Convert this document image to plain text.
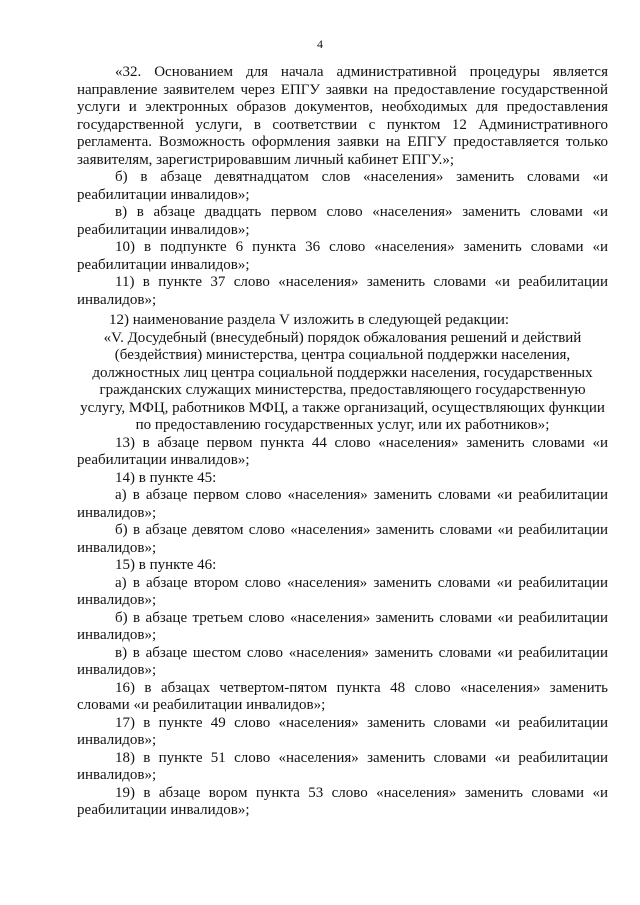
4

«32. Основанием для начала административной процедуры является направление заявителем через ЕПГУ заявки на предоставление государственной услуги и электронных образов документов, необходимых для предоставления государственной услуги, в соответствии с пунктом 12 Административного регламента. Возможность оформления заявки на ЕПГУ предоставляется только заявителям, зарегистрировавшим личный кабинет ЕПГУ.»;

б) в абзаце девятнадцатом слов «населения» заменить словами «и реабилитации инвалидов»;

в) в абзаце двадцать первом слово «населения» заменить словами «и реабилитации инвалидов»;

10) в подпункте 6 пункта 36 слово «населения» заменить словами «и реабилитации инвалидов»;

11) в пункте 37 слово «населения» заменить словами «и реабилитации инвалидов»;

12) наименование раздела V изложить в следующей редакции:

«V. Досудебный (внесудебный) порядок обжалования решений и действий (бездействия) министерства, центра социальной поддержки населения, должностных лиц центра социальной поддержки населения, государственных гражданских служащих министерства, предоставляющего государственную услугу, МФЦ, работников МФЦ, а также организаций, осуществляющих функции по предоставлению государственных услуг, или их работников»;

13) в абзаце первом пункта 44 слово «населения» заменить словами «и реабилитации инвалидов»;

14) в пункте 45:

а) в абзаце первом слово «населения» заменить словами «и реабилитации инвалидов»;

б) в абзаце девятом слово «населения» заменить словами «и реабилитации инвалидов»;

15) в пункте 46:

а) в абзаце втором слово «населения» заменить словами «и реабилитации инвалидов»;

б) в абзаце третьем слово «населения» заменить словами «и реабилитации инвалидов»;

в) в абзаце шестом слово «населения» заменить словами «и реабилитации инвалидов»;

16) в абзацах четвертом-пятом пункта 48 слово «населения» заменить словами «и реабилитации инвалидов»;

17) в пункте 49 слово «населения» заменить словами «и реабилитации инвалидов»;

18) в пункте 51 слово «населения» заменить словами «и реабилитации инвалидов»;

19) в абзаце вором пункта 53 слово «населения» заменить словами «и реабилитации инвалидов»;
